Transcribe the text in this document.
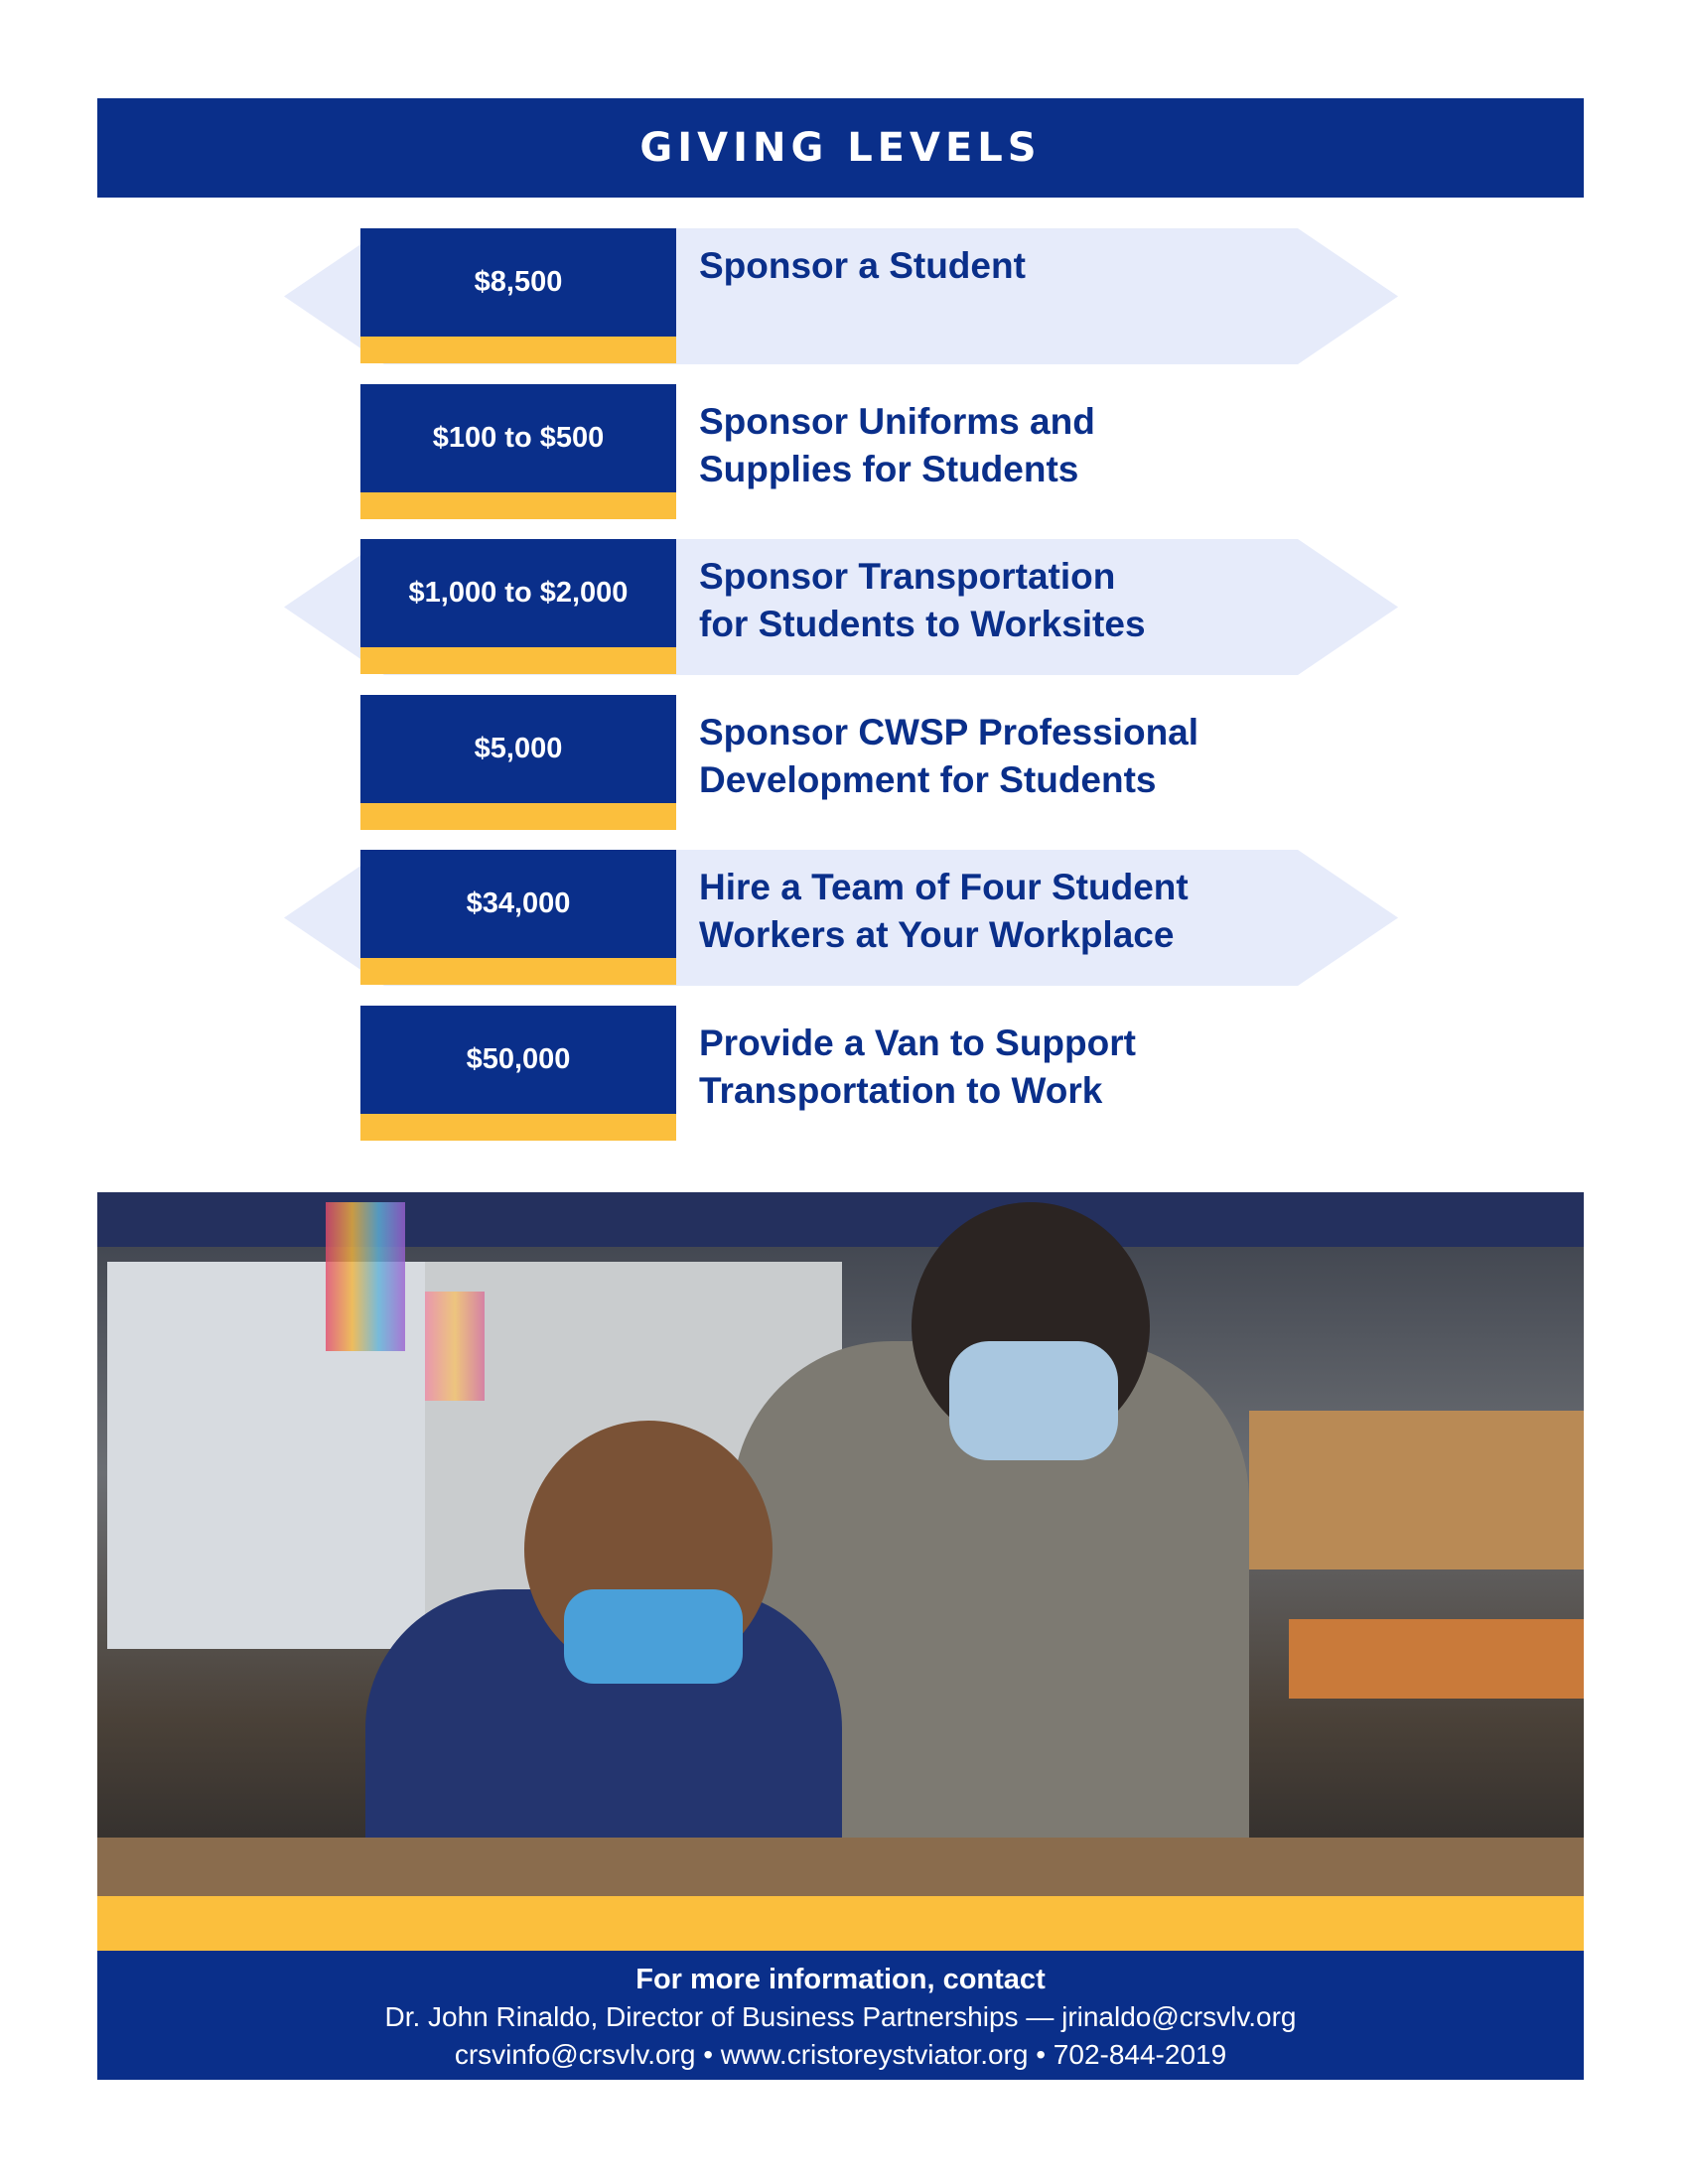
GIVING LEVELS
$8,500	Sponsor a Student
$100 to $500	Sponsor Uniforms and
Supplies for Students
$1,000 to $2,000	Sponsor Transportation
for Students to Worksites
$5,000	Sponsor CWSP Professional
Development for Students
$34,000	Hire a Team of Four Student
Workers at Your Workplace
$50,000	Provide a Van to Support
Transportation to Work
For more information, contact
Dr. John Rinaldo, Director of Business Partnerships — jrinaldo@crsvlv.org
crsvinfo@crsvlv.org • www.cristoreystviator.org • 702-844-2019
